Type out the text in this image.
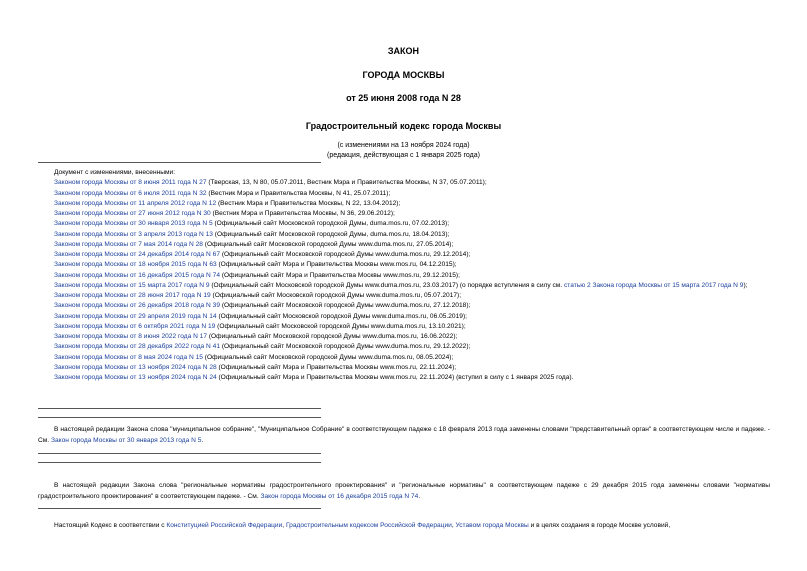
ЗАКОН
ГОРОДА МОСКВЫ
от 25 июня 2008 года N 28
Градостроительный кодекс города Москвы
(с изменениями на 13 ноября 2024 года)
(редакция, действующая с 1 января 2025 года)
Документ с изменениями, внесенными:
Законом города Москвы от 8 июня 2011 года N 27 (Тверская, 13, N 80, 05.07.2011, Вестник Мэра и Правительства Москвы, N 37, 05.07.2011);
Законом города Москвы от 6 июля 2011 года N 32 (Вестник Мэра и Правительства Москвы, N 41, 25.07.2011);
Законом города Москвы от 11 апреля 2012 года N 12 (Вестник Мэра и Правительства Москвы, N 22, 13.04.2012);
Законом города Москвы от 27 июня 2012 года N 30 (Вестник Мэра и Правительства Москвы, N 36, 29.06.2012);
Законом города Москвы от 30 января 2013 года N 5 (Официальный сайт Московской городской Думы, duma.mos.ru, 07.02.2013);
Законом города Москвы от 3 апреля 2013 года N 13 (Официальный сайт Московской городской Думы, duma.mos.ru, 18.04.2013);
Законом города Москвы от 7 мая 2014 года N 28 (Официальный сайт Московской городской Думы www.duma.mos.ru, 27.05.2014);
Законом города Москвы от 24 декабря 2014 года N 67 (Официальный сайт Московской городской Думы www.duma.mos.ru, 29.12.2014);
Законом города Москвы от 18 ноября 2015 года N 63 (Официальный сайт Мэра и Правительства Москвы www.mos.ru, 04.12.2015);
Законом города Москвы от 16 декабря 2015 года N 74 (Официальный сайт Мэра и Правительства Москвы www.mos.ru, 29.12.2015);
Законом города Москвы от 15 марта 2017 года N 9 (Официальный сайт Московской городской Думы www.duma.mos.ru, 23.03.2017) (о порядке вступления в силу см. статью 2 Закона города Москвы от 15 марта 2017 года N 9);
Законом города Москвы от 28 июня 2017 года N 19 (Официальный сайт Московской городской Думы www.duma.mos.ru, 05.07.2017);
Законом города Москвы от 26 декабря 2018 года N 39 (Официальный сайт Московской городской Думы www.duma.mos.ru, 27.12.2018);
Законом города Москвы от 29 апреля 2019 года N 14 (Официальный сайт Московской городской Думы www.duma.mos.ru, 06.05.2019);
Законом города Москвы от 6 октября 2021 года N 19 (Официальный сайт Московской городской Думы www.duma.mos.ru, 13.10.2021);
Законом города Москвы от 8 июня 2022 года N 17 (Официальный сайт Московской городской Думы www.duma.mos.ru, 16.06.2022);
Законом города Москвы от 28 декабря 2022 года N 41 (Официальный сайт Московской городской Думы www.duma.mos.ru, 29.12.2022);
Законом города Москвы от 8 мая 2024 года N 15 (Официальный сайт Московской городской Думы www.duma.mos.ru, 08.05.2024);
Законом города Москвы от 13 ноября 2024 года N 28 (Официальный сайт Мэра и Правительства Москвы www.mos.ru, 22.11.2024);
Законом города Москвы от 13 ноября 2024 года N 24 (Официальный сайт Мэра и Правительства Москвы www.mos.ru, 22.11.2024) (вступил в силу с 1 января 2025 года).
В настоящей редакции Закона слова "муниципальное собрание", "Муниципальное Собрание" в соответствующем падеже с 18 февраля 2013 года заменены словами "представительный орган" в соответствующем числе и падеже. - См. Закон города Москвы от 30 января 2013 года N 5.
В настоящей редакции Закона слова "региональные нормативы градостроительного проектирования" и "региональные нормативы" в соответствующем падеже с 29 декабря 2015 года заменены словами "нормативы градостроительного проектирования" в соответствующем падеже. - См. Закон города Москвы от 16 декабря 2015 года N 74.
Настоящий Кодекс в соответствии с Конституцией Российской Федерации, Градостроительным кодексом Российской Федерации, Уставом города Москвы и в целях создания в городе Москве условий,
